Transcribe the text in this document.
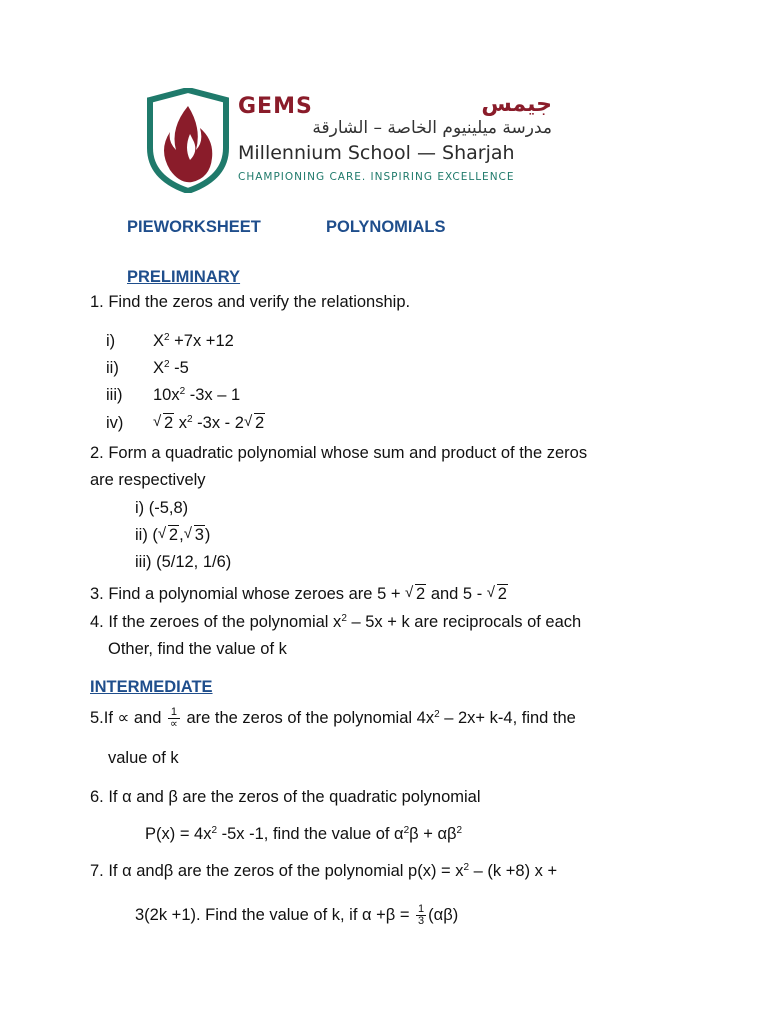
GEMS	جيمس
مدرسة ميلينيوم الخاصة – الشارقة
Millennium School — Sharjah
CHAMPIONING CARE. INSPIRING EXCELLENCE
PIEWORKSHEET	POLYNOMIALS
PRELIMINARY
1. Find the zeros and verify the relationship.
i)	$X^2 +7x +12$
ii)	$X^2$ -5
iii)	$10x^2$ -3x – 1
iv)	√ 2 $x^2$ -3x - 2 √ 2
2. Form a quadratic polynomial whose sum and product of the zeros
are respectively
i) (-5,8)
ii) ( √ 2, √ 3)
iii) (5/12, 1/6)
3. Find a polynomial whose zeroes are 5 + √ 2 and 5 - √ 2
4. If the zeroes of the polynomial $x^2 - 5x + k$ are reciprocals of each
Other, find the value of k
INTERMEDIATE
5.If ∝ and $\frac{1}{\propto}$ are the zeros of the polynomial $4x^2 - 2x+ k-4$, find the
value of k
6. If α and β are the zeros of the quadratic polynomial
$P(x) = 4x^2$ -5x -1, find the value of $\alpha^2\beta + \alpha\beta^2$
7. If α andβ are the zeros of the polynomial $p(x) = x^2 - (k +8) x$ +
3(2k +1). Find the value of k, if $\alpha +\beta = \frac{1}{3} (\alpha\beta)$
